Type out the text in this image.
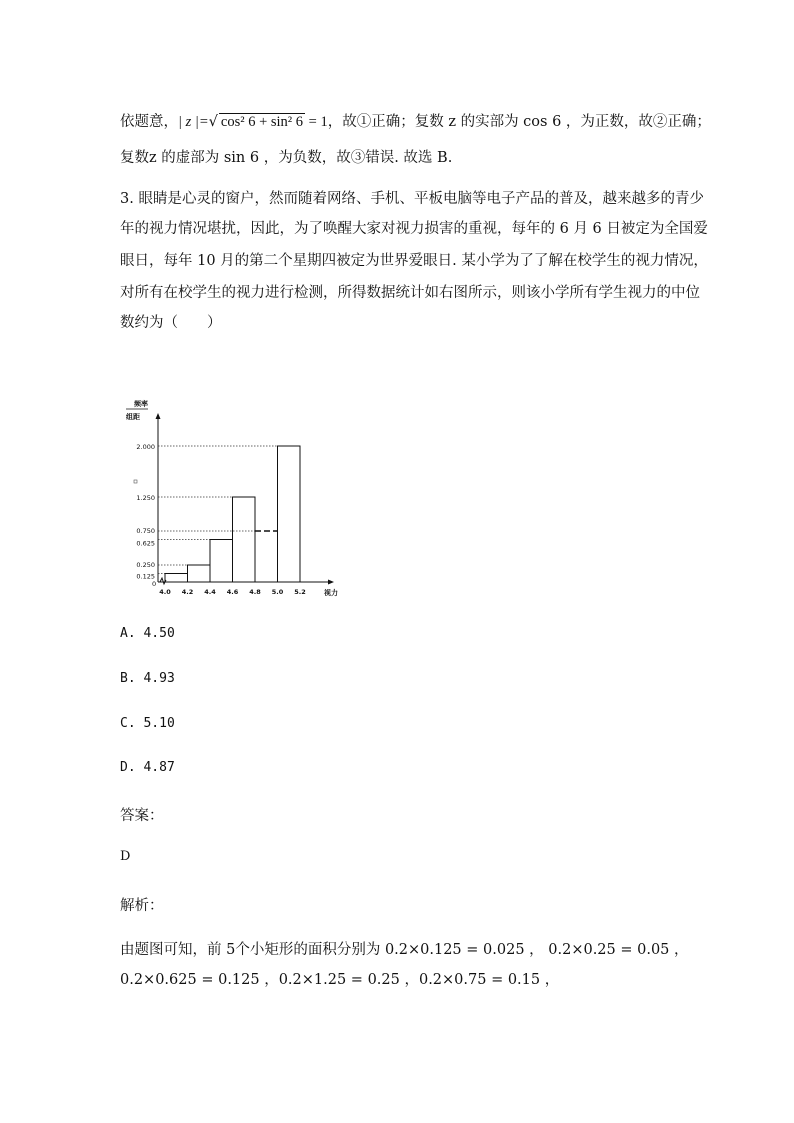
依题意，| z |=√ cos² 6 + sin² 6 = 1，故①正确；复数 z 的实部为 cos 6 ，为正数，故②正确；
复数z 的虚部为 sin 6 ，为负数，故③错误. 故选 B.
3. 眼睛是心灵的窗户，然而随着网络、手机、平板电脑等电子产品的普及，越来越多的青少
年的视力情况堪扰，因此，为了唤醒大家对视力损害的重视，每年的 6 月 6 日被定为全国爱
眼日，每年 10 月的第二个星期四被定为世界爱眼日. 某小学为了了解在校学生的视力情况，
对所有在校学生的视力进行检测，所得数据统计如右图所示，则该小学所有学生视力的中位
数约为（　　）
频率
组距
2.000
1.250
0.750
0.625
0.250
0.125
0
视力
4.0 4.2 4.4 4.6 4.8 5.0 5.2
A. 4.50
B. 4.93
C. 5.10
D. 4.87
答案：
D
解析：
由题图可知，前 5个小矩形的面积分别为 0.2×0.125 = 0.025 ， 0.2×0.25 = 0.05 ，
0.2×0.625 = 0.125 ，0.2×1.25 = 0.25 ，0.2×0.75 = 0.15 ，
